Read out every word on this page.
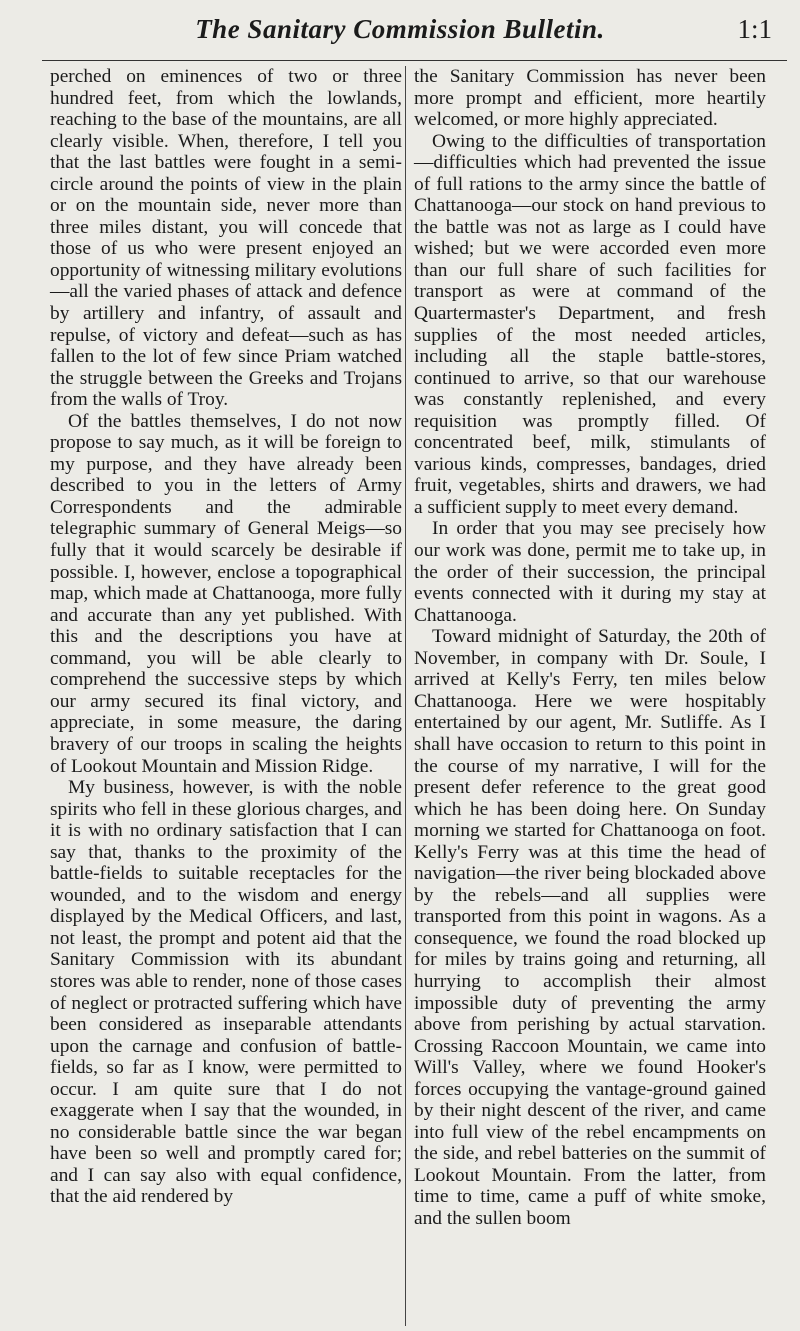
The Sanitary Commission Bulletin.	1:1

perched on eminences of two or three hundred feet, from which the lowlands, reaching to the base of the mountains, are all clearly visible. When, therefore, I tell you that the last battles were fought in a semi-circle around the points of view in the plain or on the mountain side, never more than three miles distant, you will concede that those of us who were present enjoyed an opportunity of witnessing military evolutions—all the varied phases of attack and defence by artillery and infantry, of assault and repulse, of victory and defeat—such as has fallen to the lot of few since Priam watched the struggle between the Greeks and Trojans from the walls of Troy.

Of the battles themselves, I do not now propose to say much, as it will be foreign to my purpose, and they have already been described to you in the letters of Army Correspondents and the admirable telegraphic summary of General Meigs—so fully that it would scarcely be desirable if possible. I, however, enclose a topographical map, which made at Chattanooga, more fully and accurate than any yet published. With this and the descriptions you have at command, you will be able clearly to comprehend the successive steps by which our army secured its final victory, and appreciate, in some measure, the daring bravery of our troops in scaling the heights of Lookout Mountain and Mission Ridge.

My business, however, is with the noble spirits who fell in these glorious charges, and it is with no ordinary satisfaction that I can say that, thanks to the proximity of the battle-fields to suitable receptacles for the wounded, and to the wisdom and energy displayed by the Medical Officers, and last, not least, the prompt and potent aid that the Sanitary Commission with its abundant stores was able to render, none of those cases of neglect or protracted suffering which have been considered as inseparable attendants upon the carnage and confusion of battle-fields, so far as I know, were permitted to occur. I am quite sure that I do not exaggerate when I say that the wounded, in no considerable battle since the war began have been so well and promptly cared for; and I can say also with equal confidence, that the aid rendered by

the Sanitary Commission has never been more prompt and efficient, more heartily welcomed, or more highly appreciated.

Owing to the difficulties of transportation—difficulties which had prevented the issue of full rations to the army since the battle of Chattanooga—our stock on hand previous to the battle was not as large as I could have wished; but we were accorded even more than our full share of such facilities for transport as were at command of the Quartermaster's Department, and fresh supplies of the most needed articles, including all the staple battle-stores, continued to arrive, so that our warehouse was constantly replenished, and every requisition was promptly filled. Of concentrated beef, milk, stimulants of various kinds, compresses, bandages, dried fruit, vegetables, shirts and drawers, we had a sufficient supply to meet every demand.

In order that you may see precisely how our work was done, permit me to take up, in the order of their succession, the principal events connected with it during my stay at Chattanooga.

Toward midnight of Saturday, the 20th of November, in company with Dr. Soule, I arrived at Kelly's Ferry, ten miles below Chattanooga. Here we were hospitably entertained by our agent, Mr. Sutliffe. As I shall have occasion to return to this point in the course of my narrative, I will for the present defer reference to the great good which he has been doing here. On Sunday morning we started for Chattanooga on foot. Kelly's Ferry was at this time the head of navigation—the river being blockaded above by the rebels—and all supplies were transported from this point in wagons. As a consequence, we found the road blocked up for miles by trains going and returning, all hurrying to accomplish their almost impossible duty of preventing the army above from perishing by actual starvation. Crossing Raccoon Mountain, we came into Will's Valley, where we found Hooker's forces occupying the vantage-ground gained by their night descent of the river, and came into full view of the rebel encampments on the side, and rebel batteries on the summit of Lookout Mountain. From the latter, from time to time, came a puff of white smoke, and the sullen boom
